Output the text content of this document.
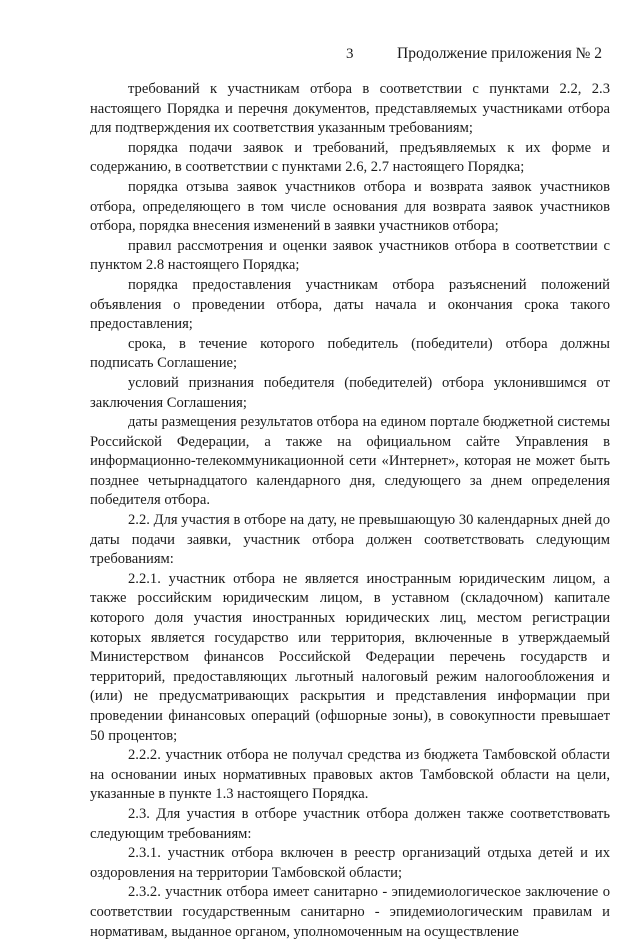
3	Продолжение приложения № 2

требований к участникам отбора в соответствии с пунктами 2.2, 2.3 настоящего Порядка и перечня документов, представляемых участниками отбора для подтверждения их соответствия указанным требованиям;

порядка подачи заявок и требований, предъявляемых к их форме и содержанию, в соответствии с пунктами 2.6, 2.7 настоящего Порядка;

порядка отзыва заявок участников отбора и возврата заявок участников отбора, определяющего в том числе основания для возврата заявок участников отбора, порядка внесения изменений в заявки участников отбора;

правил рассмотрения и оценки заявок участников отбора в соответствии с пунктом 2.8 настоящего Порядка;

порядка предоставления участникам отбора разъяснений положений объявления о проведении отбора, даты начала и окончания срока такого предоставления;

срока, в течение которого победитель (победители) отбора должны подписать Соглашение;

условий признания победителя (победителей) отбора уклонившимся от заключения Соглашения;

даты размещения результатов отбора на едином портале бюджетной системы Российской Федерации, а также на официальном сайте Управления в информационно-телекоммуникационной сети «Интернет», которая не может быть позднее четырнадцатого календарного дня, следующего за днем определения победителя отбора.

2.2. Для участия в отборе на дату, не превышающую 30 календарных дней до даты подачи заявки, участник отбора должен соответствовать следующим требованиям:

2.2.1. участник отбора не является иностранным юридическим лицом, а также российским юридическим лицом, в уставном (складочном) капитале которого доля участия иностранных юридических лиц, местом регистрации которых является государство или территория, включенные в утверждаемый Министерством финансов Российской Федерации перечень государств и территорий, предоставляющих льготный налоговый режим налогообложения и (или) не предусматривающих раскрытия и представления информации при проведении финансовых операций (офшорные зоны), в совокупности превышает 50 процентов;

2.2.2. участник отбора не получал средства из бюджета Тамбовской области на основании иных нормативных правовых актов Тамбовской области на цели, указанные в пункте 1.3 настоящего Порядка.

2.3. Для участия в отборе участник отбора должен также соответствовать следующим требованиям:

2.3.1. участник отбора включен в реестр организаций отдыха детей и их оздоровления на территории Тамбовской области;

2.3.2. участник отбора имеет санитарно - эпидемиологическое заключение о соответствии государственным санитарно - эпидемиологическим правилам и нормативам, выданное органом, уполномоченным на осуществление
